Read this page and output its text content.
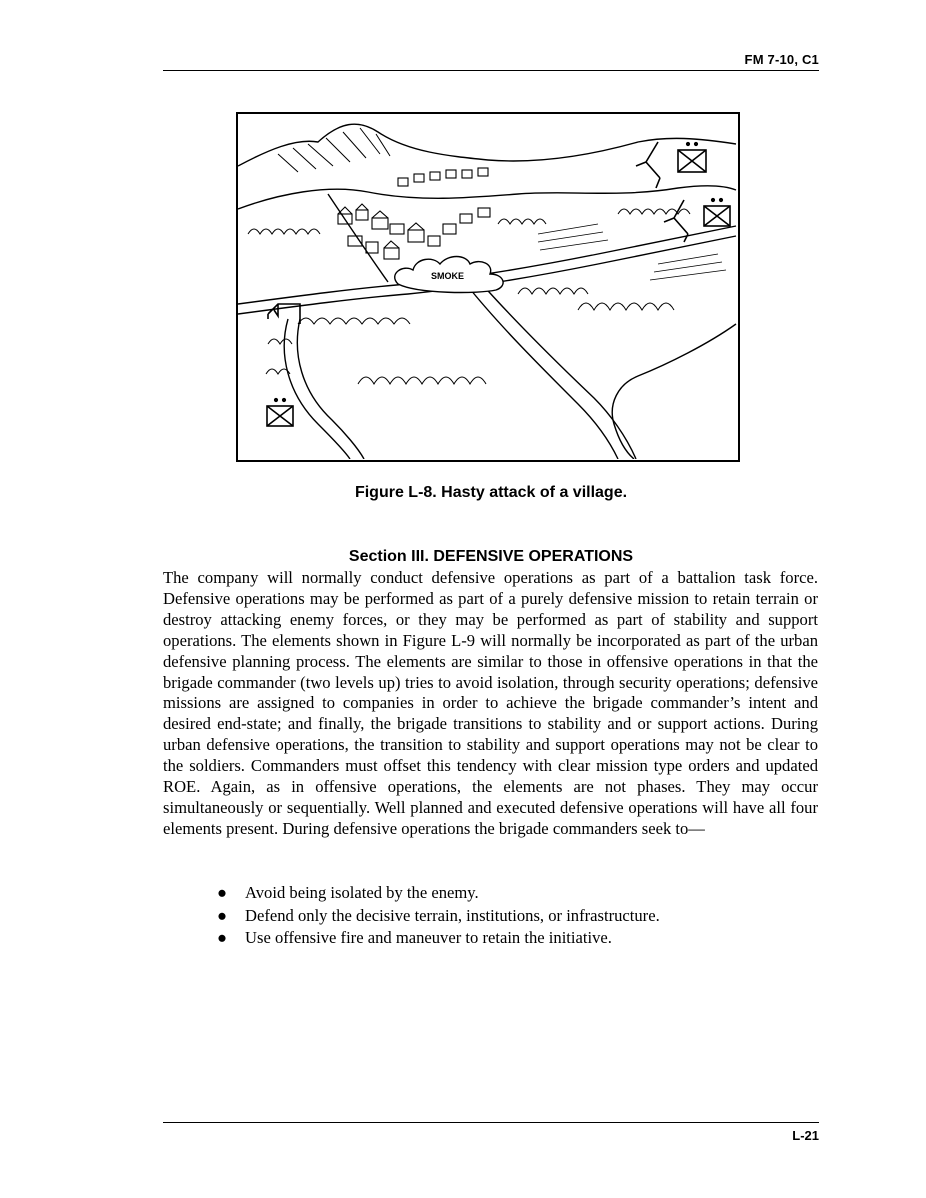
FM 7-10, C1
SMOKE
Figure L-8. Hasty attack of a village.
Section III. DEFENSIVE OPERATIONS

The company will normally conduct defensive operations as part of a battalion task force. Defensive operations may be performed as part of a purely defensive mission to retain terrain or destroy attacking enemy forces, or they may be performed as part of stability and support operations. The elements shown in Figure L-9 will normally be incorporated as part of the urban defensive planning process. The elements are similar to those in offensive operations in that the brigade commander (two levels up) tries to avoid isolation, through security operations; defensive missions are assigned to companies in order to achieve the brigade commander’s intent and desired end-state; and finally, the brigade transitions to stability and or support actions. During urban defensive operations, the transition to stability and support operations may not be clear to the soldiers. Commanders must offset this tendency with clear mission type orders and updated ROE. Again, as in offensive operations, the elements are not phases. They may occur simultaneously or sequentially. Well planned and executed defensive operations will have all four elements present. During defensive operations the brigade commanders seek to—

● Avoid being isolated by the enemy.
● Defend only the decisive terrain, institutions, or infrastructure.
● Use offensive fire and maneuver to retain the initiative.
L-21
